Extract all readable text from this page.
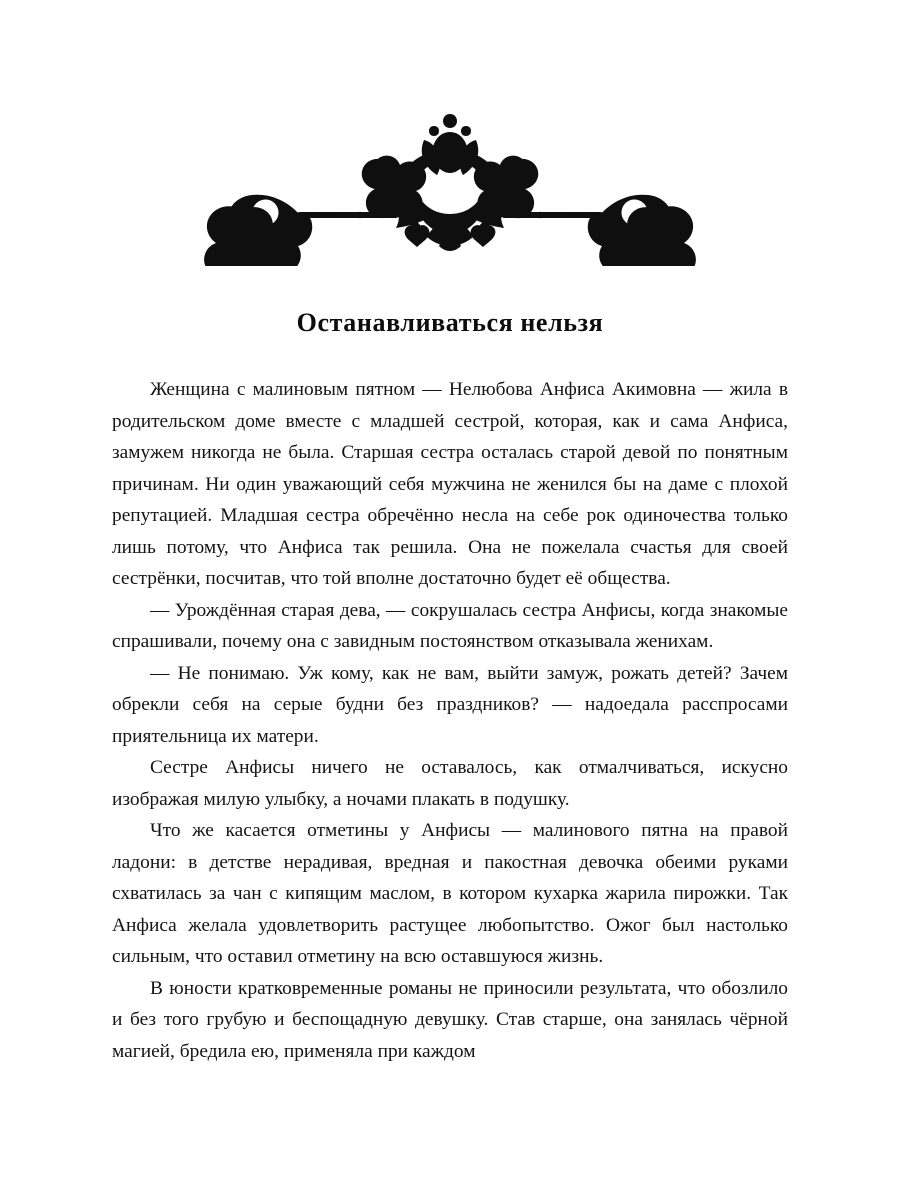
Останавливаться нельзя

Женщина с малиновым пятном — Нелюбова Анфиса Акимовна — жила в родительском доме вместе с младшей сестрой, которая, как и сама Анфиса, замужем никогда не была. Старшая сестра осталась старой девой по понятным причинам. Ни один уважающий себя мужчина не женился бы на даме с плохой репутацией. Младшая сестра обречённо несла на себе рок одиночества только лишь потому, что Анфиса так решила. Она не пожелала счастья для своей сестрёнки, посчитав, что той вполне достаточно будет её общества.

— Урождённая старая дева, — сокрушалась сестра Анфисы, когда знакомые спрашивали, почему она с завидным постоянством отказывала женихам.

— Не понимаю. Уж кому, как не вам, выйти замуж, рожать детей? Зачем обрекли себя на серые будни без праздников? — надоедала расспросами приятельница их матери.

Сестре Анфисы ничего не оставалось, как отмалчиваться, искусно изображая милую улыбку, а ночами плакать в подушку.

Что же касается отметины у Анфисы — малинового пятна на правой ладони: в детстве нерадивая, вредная и пакостная девочка обеими руками схватилась за чан с кипящим маслом, в котором кухарка жарила пирожки. Так Анфиса желала удовлетворить растущее любопытство. Ожог был настолько сильным, что оставил отметину на всю оставшуюся жизнь.

В юности кратковременные романы не приносили результата, что обозлило и без того грубую и беспощадную девушку. Став старше, она занялась чёрной магией, бредила ею, применяла при каждом
